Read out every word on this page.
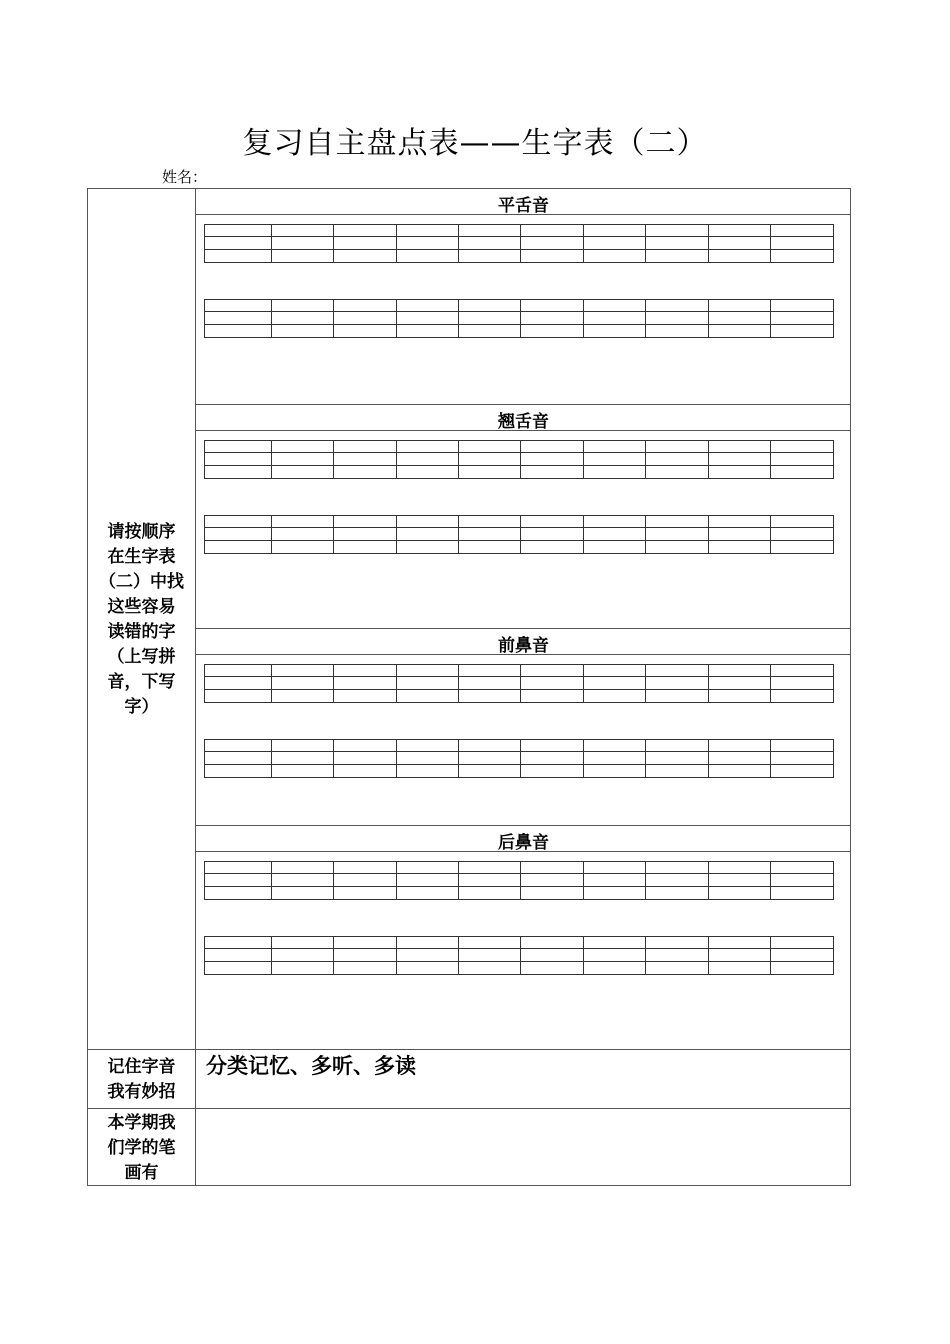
复习自主盘点表——生字表（二）
姓名：
平舌音
翘舌音
前鼻音
后鼻音
请按顺序
在生字表
（二）中找
这些容易
读错的字
（上写拼
音，下写
字）
记住字音
我有妙招
分类记忆、多听、多读
本学期我
们学的笔
画有
